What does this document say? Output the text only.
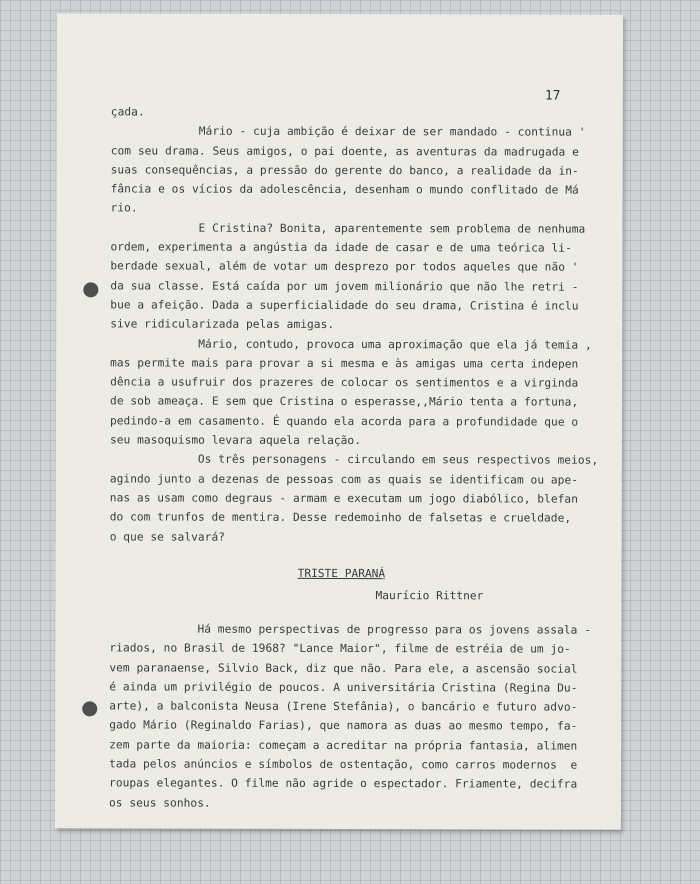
17
çada.
Mário - cuja ambição é deixar de ser mandado - continua '
com seu drama. Seus amigos, o pai doente, as aventuras da madrugada e
suas consequências, a pressão do gerente do banco, a realidade da in-
fância e os vícios da adolescência, desenham o mundo conflitado de Má
rio.
E Cristina? Bonita, aparentemente sem problema de nenhuma
ordem, experimenta a angústia da idade de casar e de uma teórica li-
berdade sexual, além de votar um desprezo por todos aqueles que não '
da sua classe. Está caída por um jovem milionário que não lhe retri -
bue a afeição. Dada a superficialidade do seu drama, Cristina é inclu
sive ridicularizada pelas amigas.
Mário, contudo, provoca uma aproximação que ela já temia ,
mas permite mais para provar a si mesma e às amigas uma certa indepen
dência a usufruir dos prazeres de colocar os sentimentos e a virginda
de sob ameaça. E sem que Cristina o esperasse,,Mário tenta a fortuna,
pedindo-a em casamento. É quando ela acorda para a profundidade que o
seu masoquismo levara aquela relação.
Os três personagens - circulando em seus respectivos meios,
agindo junto a dezenas de pessoas com as quais se identificam ou ape-
nas as usam como degraus - armam e executam um jogo diabólico, blefan
do com trunfos de mentira. Desse redemoinho de falsetas e crueldade,
o que se salvará?
TRISTE PARANÁ
Maurício Rittner
Há mesmo perspectivas de progresso para os jovens assala -
riados, no Brasil de 1968? "Lance Maior", filme de estréia de um jo-
vem paranaense, Silvio Back, diz que não. Para ele, a ascensão social
é ainda um privilégio de poucos. A universitária Cristina (Regina Du-
arte), a balconista Neusa (Irene Stefânia), o bancário e futuro advo-
gado Mário (Reginaldo Farias), que namora as duas ao mesmo tempo, fa-
zem parte da maioria: começam a acreditar na própria fantasia, alimen
tada pelos anúncios e símbolos de ostentação, como carros modernos  e
roupas elegantes. O filme não agride o espectador. Friamente, decifra
os seus sonhos.
